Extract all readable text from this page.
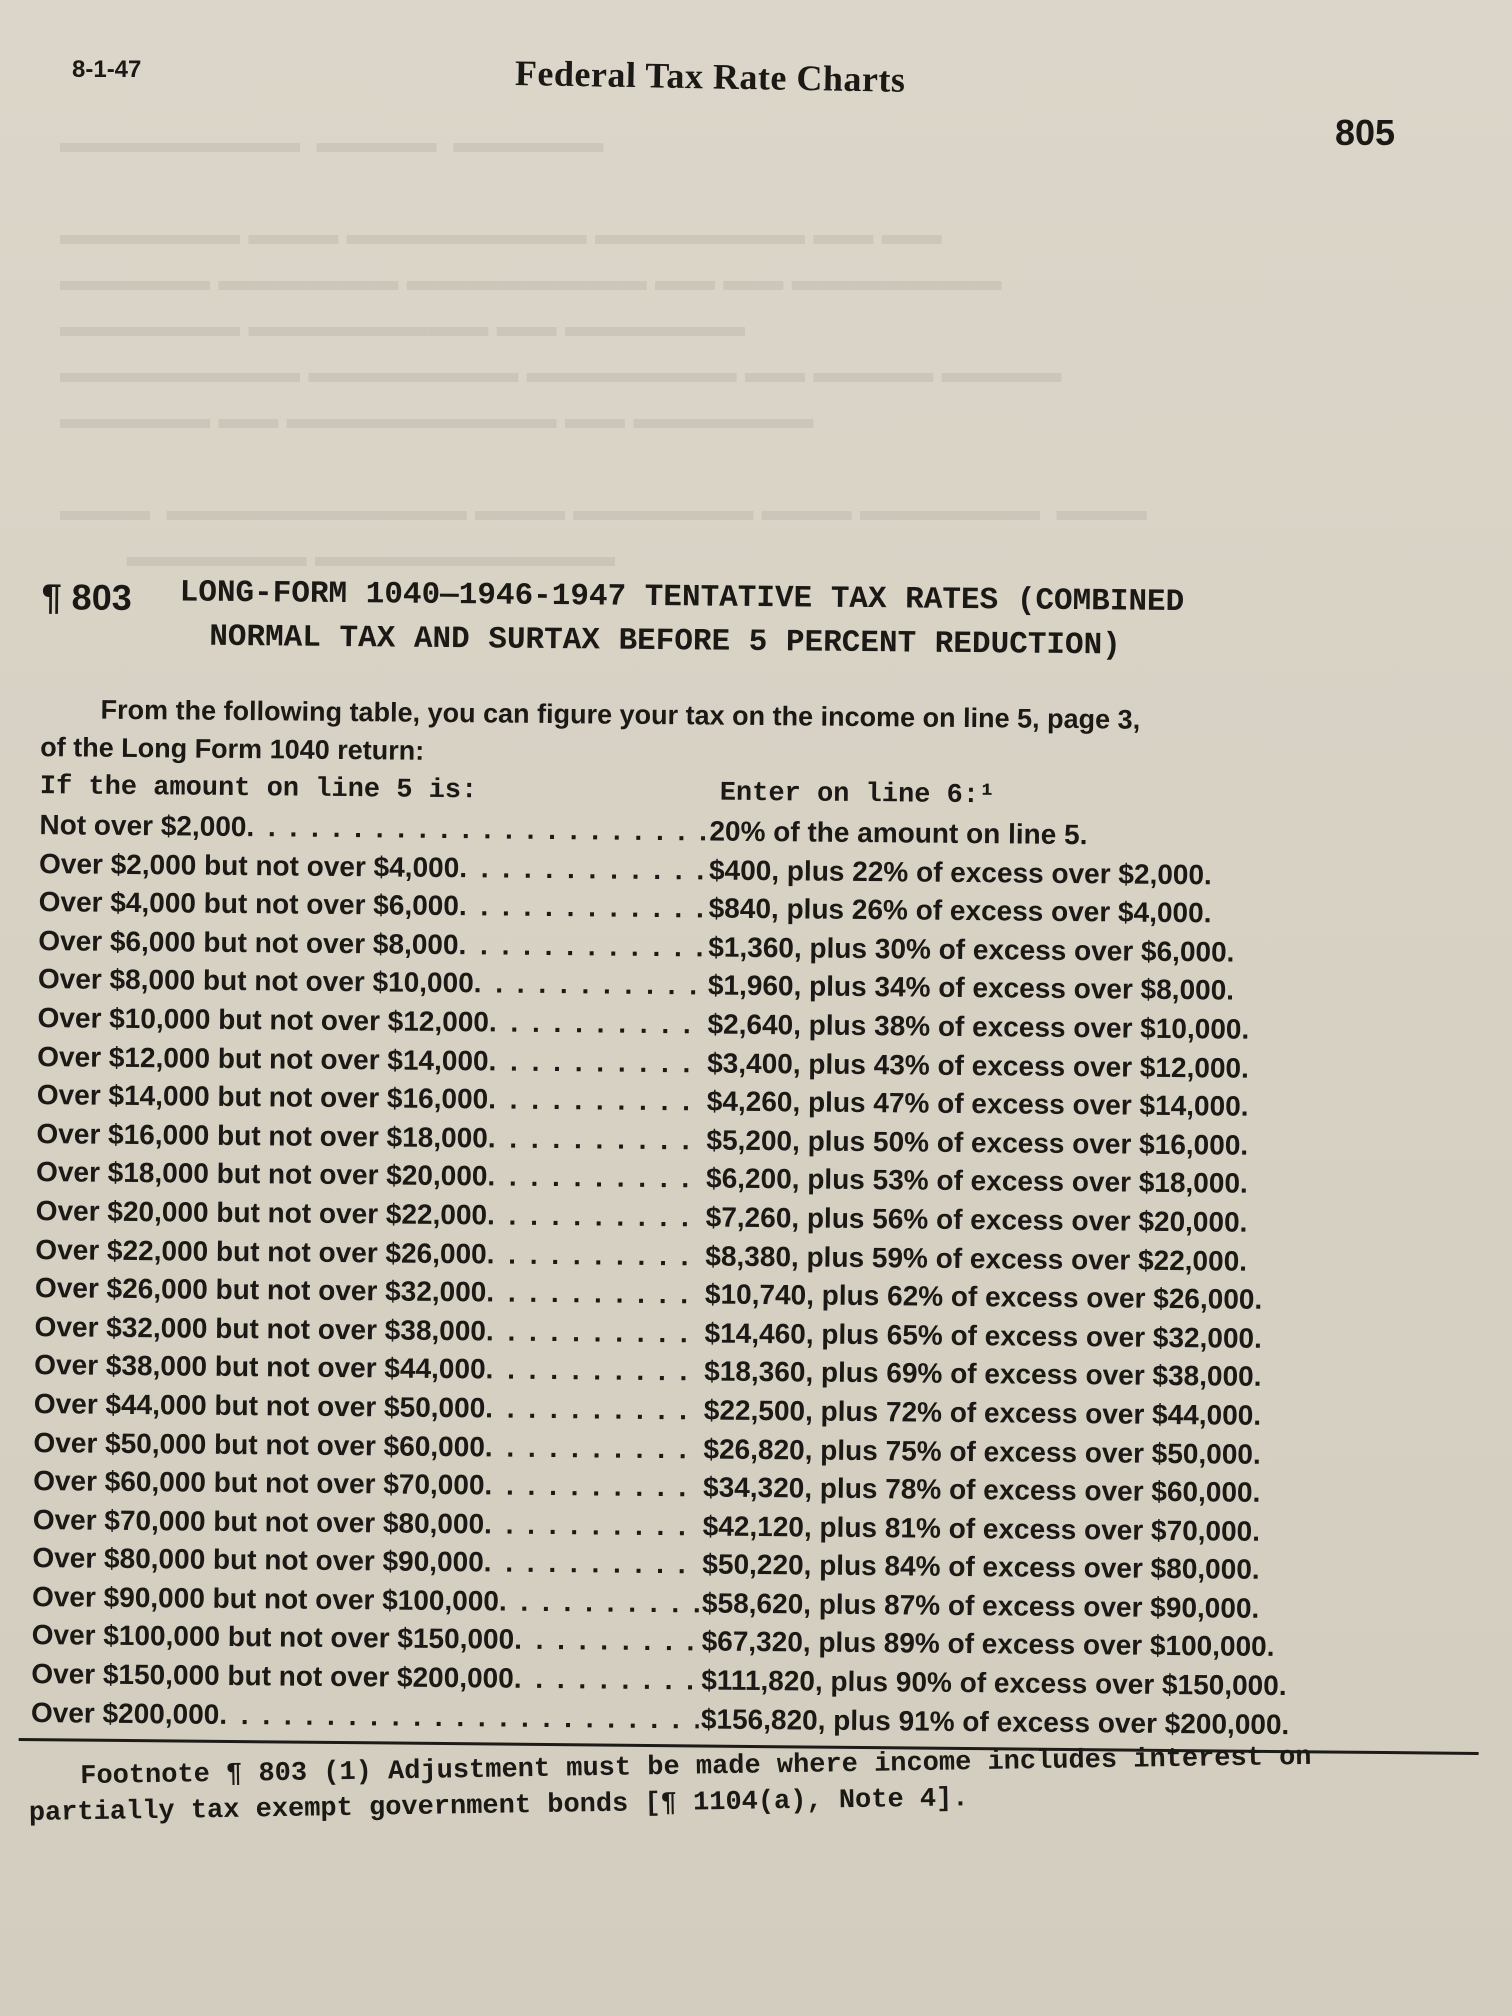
▬▬▬▬▬▬▬▬  ▬▬▬▬  ▬▬▬▬▬

▬▬▬▬▬▬ ▬▬▬ ▬▬▬▬▬▬▬▬ ▬▬▬▬▬▬▬ ▬▬ ▬▬
▬▬▬▬▬ ▬▬▬▬▬▬ ▬▬▬▬▬▬▬▬ ▬▬ ▬▬ ▬▬▬▬▬▬▬
▬▬▬▬▬▬ ▬▬▬▬▬▬▬▬ ▬▬ ▬▬▬▬▬▬
▬▬▬▬▬▬▬▬ ▬▬▬▬▬▬▬ ▬▬▬▬▬▬▬ ▬▬ ▬▬▬▬ ▬▬▬▬
▬▬▬▬▬ ▬▬ ▬▬▬▬▬▬▬▬▬ ▬▬ ▬▬▬▬▬▬

▬▬▬  ▬▬▬▬▬▬▬▬▬▬ ▬▬▬ ▬▬▬▬▬▬ ▬▬▬ ▬▬▬▬▬▬  ▬▬▬
▬▬▬▬▬▬ ▬▬▬▬▬▬▬▬▬▬
8-1-47	Federal Tax Rate Charts
805
¶ 803 LONG-FORM 1040—1946-1947 TENTATIVE TAX RATES (COMBINED
NORMAL TAX AND SURTAX BEFORE 5 PERCENT REDUCTION)
From the following table, you can figure your tax on the income on line 5, page 3,
of the Long Form 1040 return:
If the amount on line 5 is:	Enter on line 6:¹
Not over $2,000 . . .	20% of the amount on line 5.
Over $2,000 but not over $4,000 . . .	$400, plus 22% of excess over $2,000.
Over $4,000 but not over $6,000 . . .	$840, plus 26% of excess over $4,000.
Over $6,000 but not over $8,000 . . .	$1,360, plus 30% of excess over $6,000.
Over $8,000 but not over $10,000 . . .	$1,960, plus 34% of excess over $8,000.
Over $10,000 but not over $12,000 . . .	$2,640, plus 38% of excess over $10,000.
Over $12,000 but not over $14,000 . . .	$3,400, plus 43% of excess over $12,000.
Over $14,000 but not over $16,000 . . .	$4,260, plus 47% of excess over $14,000.
Over $16,000 but not over $18,000 . . .	$5,200, plus 50% of excess over $16,000.
Over $18,000 but not over $20,000 . . .	$6,200, plus 53% of excess over $18,000.
Over $20,000 but not over $22,000 . . .	$7,260, plus 56% of excess over $20,000.
Over $22,000 but not over $26,000 . . .	$8,380, plus 59% of excess over $22,000.
Over $26,000 but not over $32,000 . . .	$10,740, plus 62% of excess over $26,000.
Over $32,000 but not over $38,000 . . .	$14,460, plus 65% of excess over $32,000.
Over $38,000 but not over $44,000 . . .	$18,360, plus 69% of excess over $38,000.
Over $44,000 but not over $50,000 . . .	$22,500, plus 72% of excess over $44,000.
Over $50,000 but not over $60,000 . . .	$26,820, plus 75% of excess over $50,000.
Over $60,000 but not over $70,000 . . .	$34,320, plus 78% of excess over $60,000.
Over $70,000 but not over $80,000 . . .	$42,120, plus 81% of excess over $70,000.
Over $80,000 but not over $90,000 . . .	$50,220, plus 84% of excess over $80,000.
Over $90,000 but not over $100,000 . . .	$58,620, plus 87% of excess over $90,000.
Over $100,000 but not over $150,000 . . .	$67,320, plus 89% of excess over $100,000.
Over $150,000 but not over $200,000 . . .	$111,820, plus 90% of excess over $150,000.
Over $200,000 . . .	$156,820, plus 91% of excess over $200,000.
Footnote ¶ 803 (1) Adjustment must be made where income includes interest on
partially tax exempt government bonds [¶ 1104(a), Note 4].
